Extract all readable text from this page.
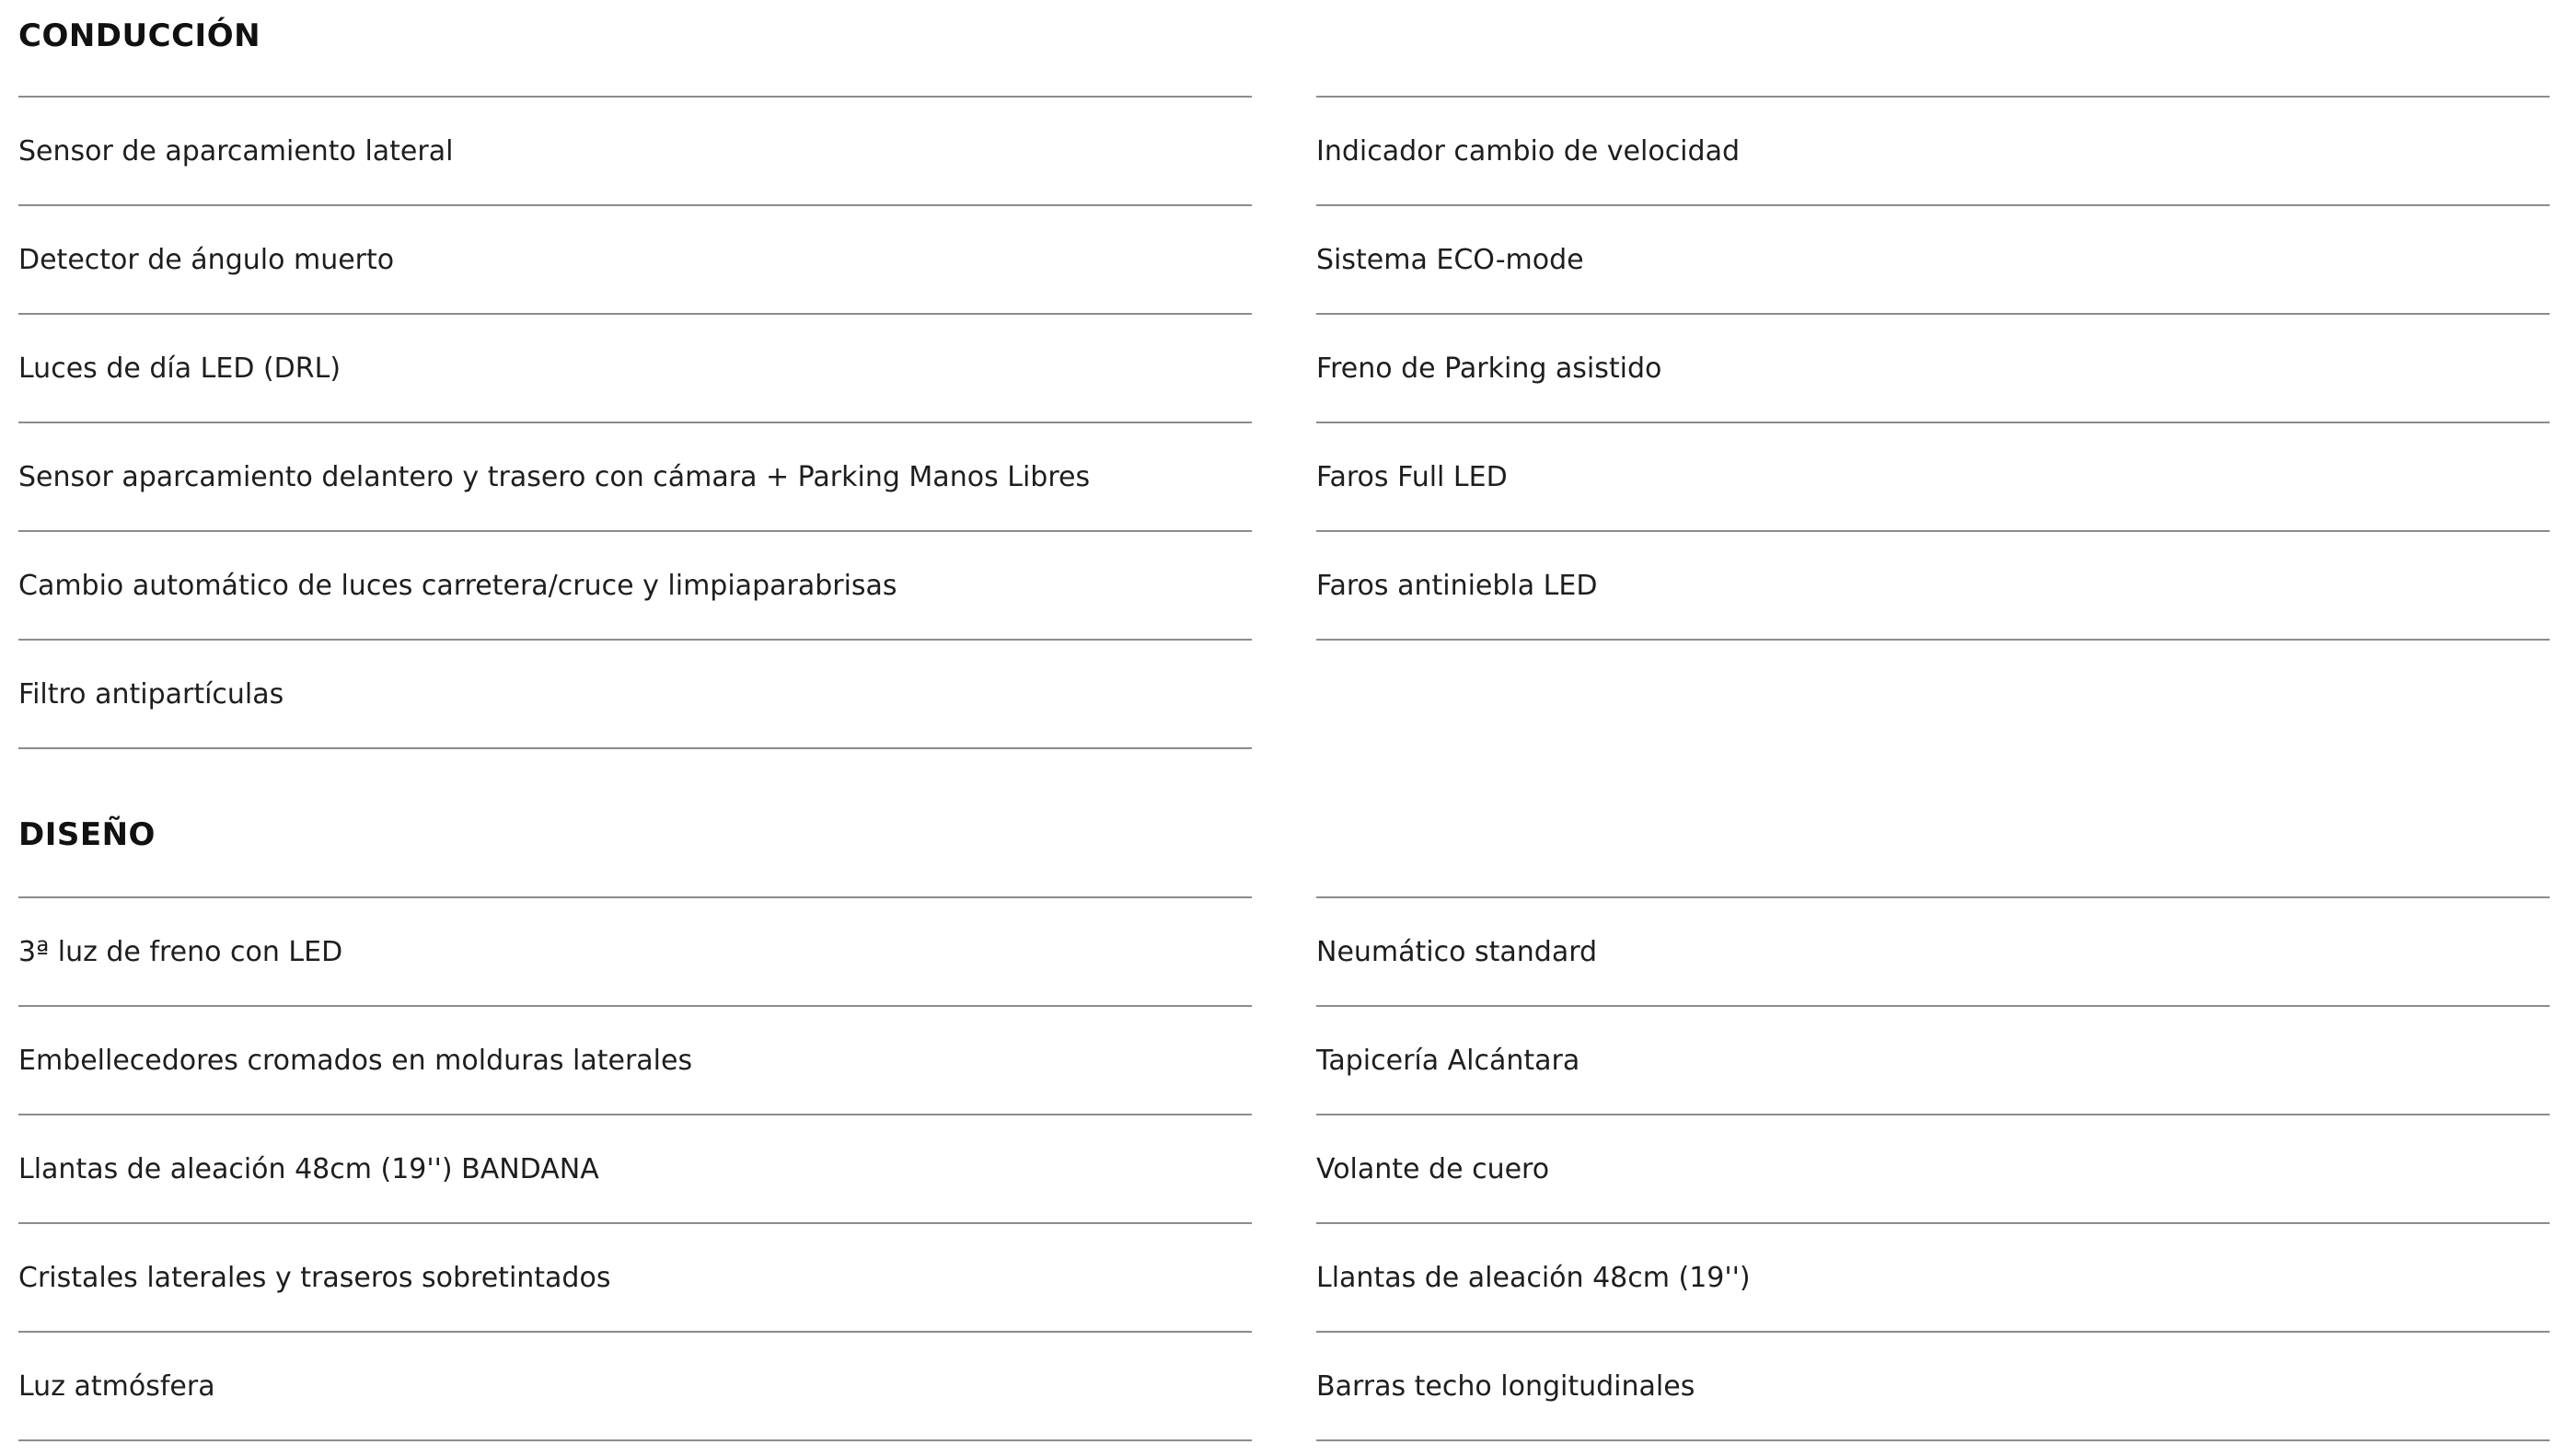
CONDUCCIÓN
Sensor de aparcamiento lateral
Detector de ángulo muerto
Luces de día LED (DRL)
Sensor aparcamiento delantero y trasero con cámara + Parking Manos Libres
Cambio automático de luces carretera/cruce y limpiaparabrisas
Filtro antipartículas
Indicador cambio de velocidad
Sistema ECO-mode
Freno de Parking asistido
Faros Full LED
Faros antiniebla LED
DISEÑO
3ª luz de freno con LED
Embellecedores cromados en molduras laterales
Llantas de aleación 48cm (19'') BANDANA
Cristales laterales y traseros sobretintados
Luz atmósfera
Neumático standard
Tapicería Alcántara
Volante de cuero
Llantas de aleación 48cm (19'')
Barras techo longitudinales
